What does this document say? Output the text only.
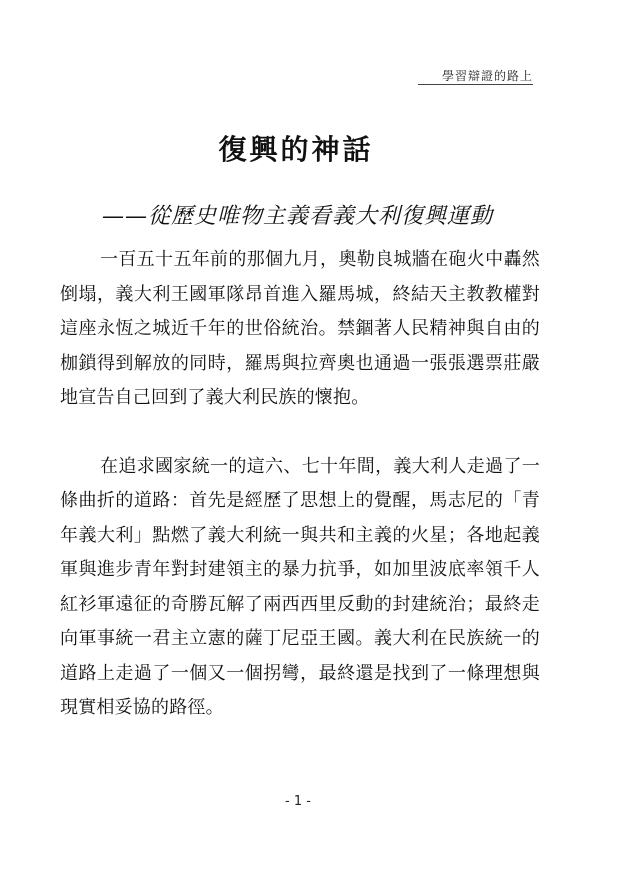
學習辯證的路上
復興的神話
——從歷史唯物主義看義大利復興運動

一百五十五年前的那個九月，奧勒良城牆在砲火中轟然倒塌，義大利王國軍隊昂首進入羅馬城，終結天主教教權對這座永恆之城近千年的世俗統治。禁錮著人民精神與自由的枷鎖得到解放的同時，羅馬與拉齊奧也通過一張張選票莊嚴地宣告自己回到了義大利民族的懷抱。

在追求國家統一的這六、七十年間，義大利人走過了一條曲折的道路：首先是經歷了思想上的覺醒，馬志尼的「青年義大利」點燃了義大利統一與共和主義的火星；各地起義軍與進步青年對封建領主的暴力抗爭，如加里波底率領千人紅衫軍遠征的奇勝瓦解了兩西西里反動的封建統治；最終走向軍事統一君主立憲的薩丁尼亞王國。義大利在民族統一的道路上走過了一個又一個拐彎，最終還是找到了一條理想與現實相妥協的路徑。

- 1 -
